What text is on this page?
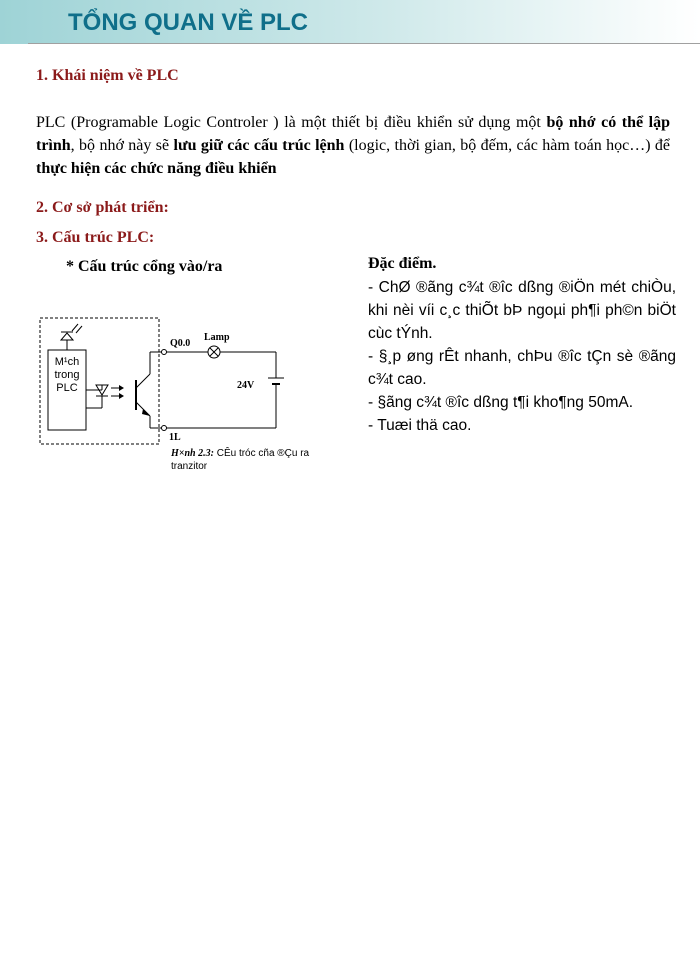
TỔNG QUAN VỀ PLC
1. Khái niệm về PLC

PLC (Programable Logic Controler ) là một thiết bị điều khiển sử dụng một bộ nhớ có thể lập trình, bộ nhớ này sẽ lưu giữ các cấu trúc lệnh (logic, thời gian, bộ đếm, các hàm toán học…) để thực hiện các chức năng điều khiển

2. Cơ sở phát triển:
3. Cấu trúc PLC:
* Cấu trúc cổng vào/ra	Đặc điểm.
- ChØ ®ãng c¾t ®îc dßng ®iÖn mét chiÒu, khi nèi víi c¸c thiÕt bÞ ngoµi ph¶i ph©n biÖt cùc tÝnh.
- §¸p øng rÊt nhanh, chÞu ®îc tÇn sè ®ãng c¾t cao.
- §ãng c¾t ®îc dßng t¶i kho¶ng 50mA.
- Tuæi thä cao.
M¹ch
trong
PLC
Q0.0
1L
Lamp
24V

H×nh 2.3: CÊu tróc cña ®Çu ra tranzitor
